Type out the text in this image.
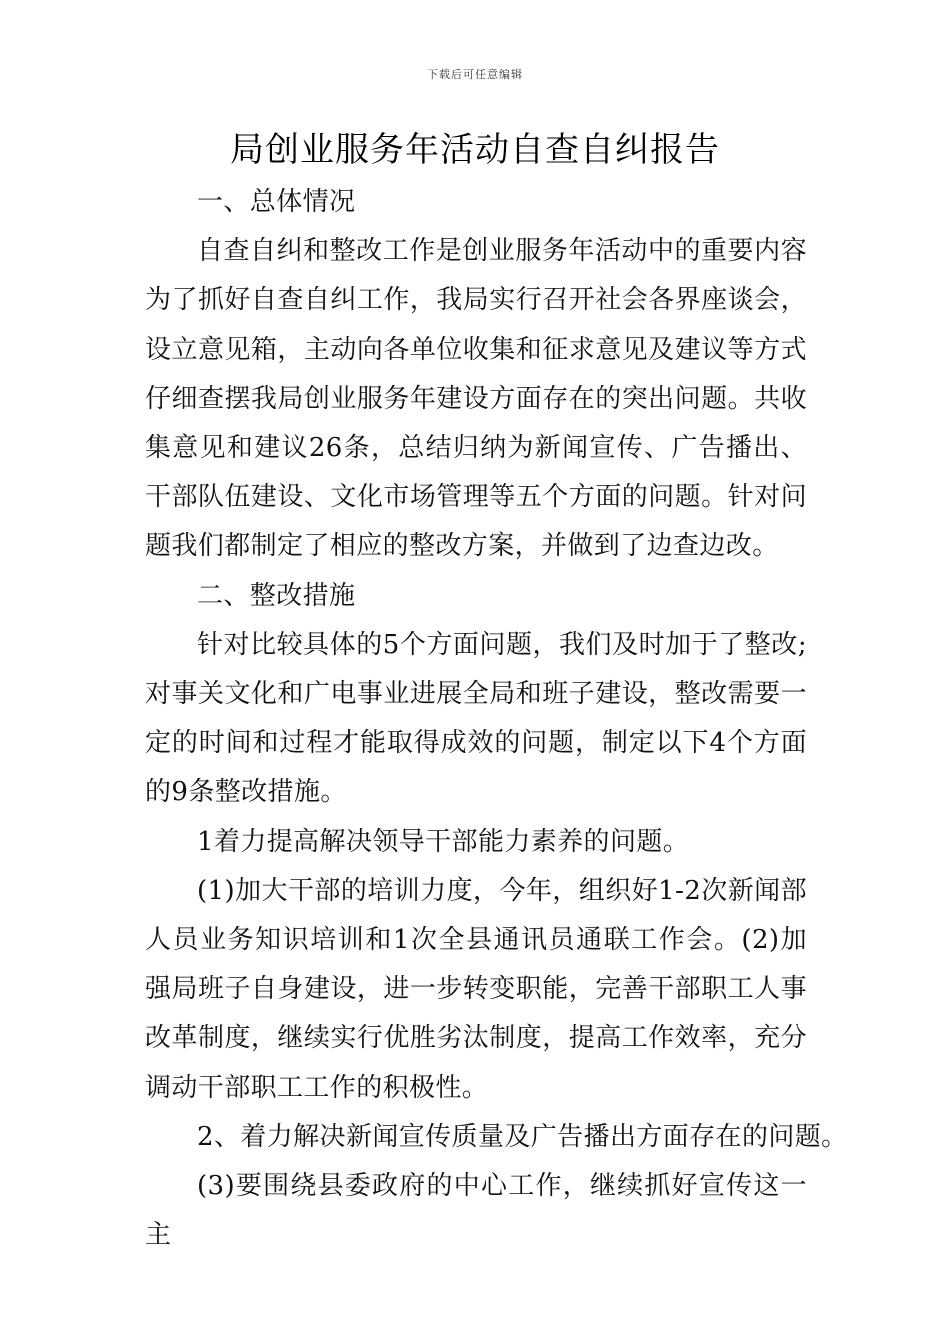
下载后可任意编辑
局创业服务年活动自查自纠报告

一、总体情况

自查自纠和整改工作是创业服务年活动中的重要内容为了抓好自查自纠工作，我局实行召开社会各界座谈会，设立意见箱，主动向各单位收集和征求意见及建议等方式仔细查摆我局创业服务年建设方面存在的突出问题。共收集意见和建议26条，总结归纳为新闻宣传、广告播出、干部队伍建设、文化市场管理等五个方面的问题。针对问题我们都制定了相应的整改方案，并做到了边查边改。

二、整改措施

针对比较具体的5个方面问题，我们及时加于了整改;对事关文化和广电事业进展全局和班子建设，整改需要一定的时间和过程才能取得成效的问题，制定以下4个方面的9条整改措施。

1着力提高解决领导干部能力素养的问题。

(1)加大干部的培训力度，今年，组织好1-2次新闻部人员业务知识培训和1次全县通讯员通联工作会。(2)加强局班子自身建设，进一步转变职能，完善干部职工人事改革制度，继续实行优胜劣汰制度，提高工作效率，充分调动干部职工工作的积极性。

2、着力解决新闻宣传质量及广告播出方面存在的问题。

(3)要围绕县委政府的中心工作，继续抓好宣传这一主
